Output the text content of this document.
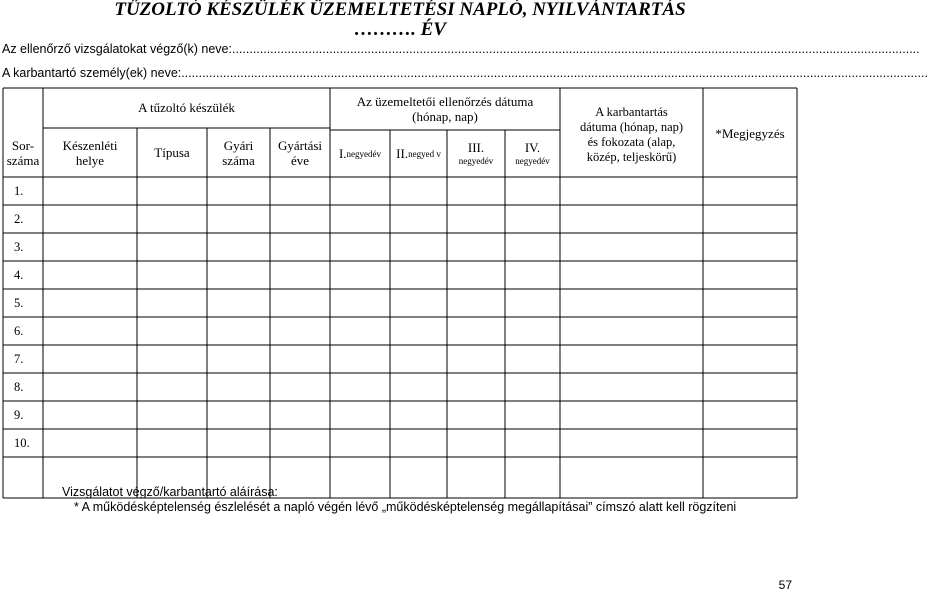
TŰZOLTÓ KÉSZÜLÉK ÜZEMELTETÉSI NAPLÓ, NYILVÁNTARTÁS
………. ÉV
Az ellenőrző vizsgálatokat végző(k) neve:......................................................................................................................................................................................................
A karbantartó személy(ek) neve:.......................................................................................................................................................................................................................
Sor-
száma
A tűzoltó készülék
Készenléti
helye	Típusa	Gyári
száma
Gyártási
éve
Az üzemeltetői ellenőrzés dátuma
(hónap, nap)
I. negyedév II. negyed v III.
negyedév
IV.
negyedév
A karbantartás
dátuma (hónap, nap)
és fokozata (alap,
közép, teljeskörű)
*Megjegyzés
1.
2.
3.
4.
5.
6.
7.
8.
9.
10.
Vizsgálatot végző/karbantartó aláírása:
* A működésképtelenség észlelését a napló végén lévő „működésképtelenség megállapításai” címszó alatt kell rögzíteni
57
